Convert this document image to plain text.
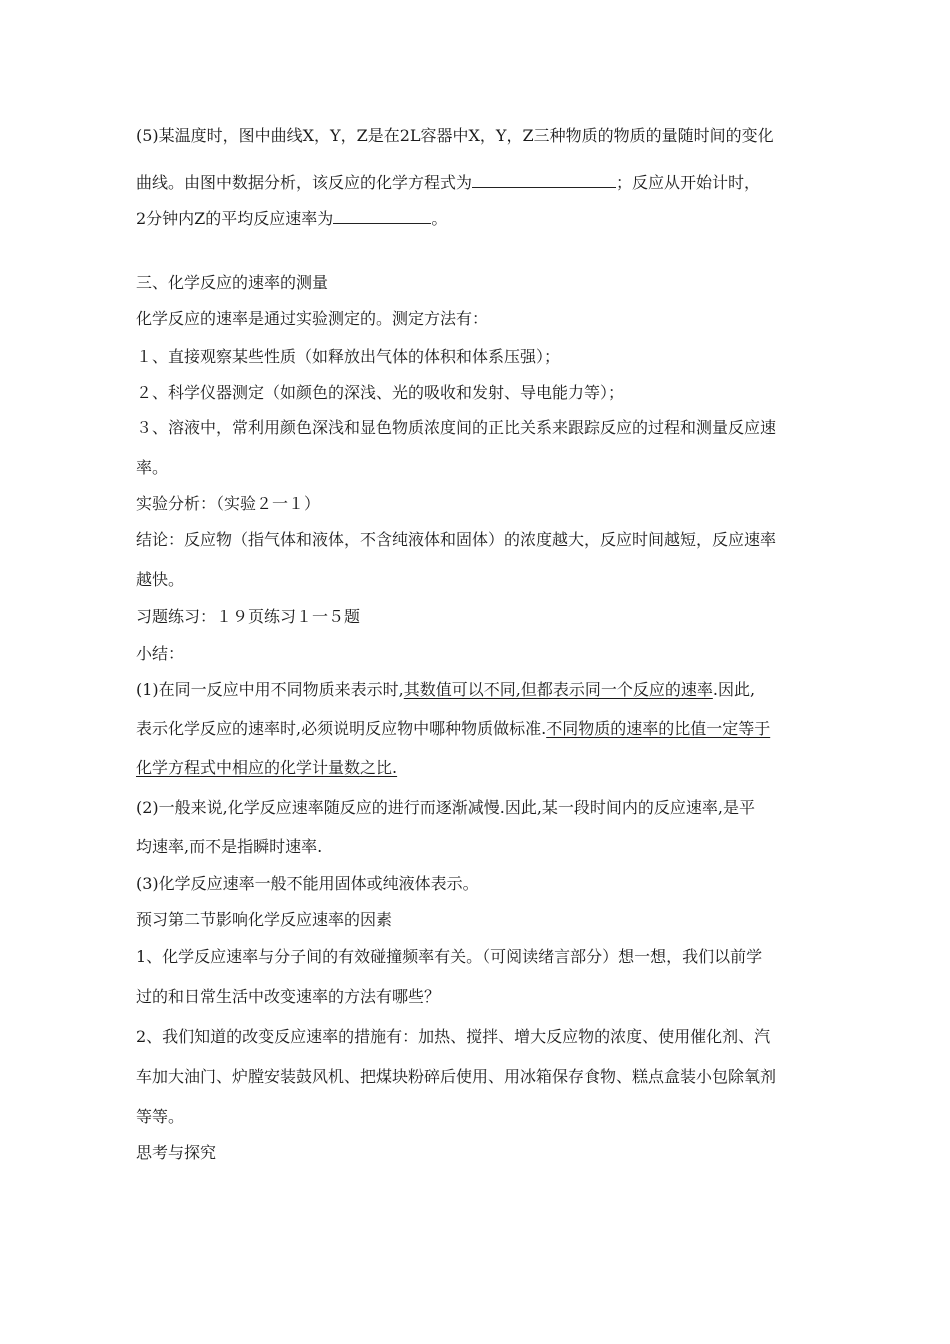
(5)某温度时，图中曲线X，Y，Z是在2L容器中X，Y，Z三种物质的物质的量随时间的变化
曲线。由图中数据分析，该反应的化学方程式为	；反应从开始计时，
2分钟内Z的平均反应速率为	。
三、化学反应的速率的测量
化学反应的速率是通过实验测定的。测定方法有：
１、直接观察某些性质（如释放出气体的体积和体系压强）；
２、科学仪器测定（如颜色的深浅、光的吸收和发射、导电能力等）；
３、溶液中，常利用颜色深浅和显色物质浓度间的正比关系来跟踪反应的过程和测量反应速
率。
实验分析：（实验２一１）
结论：反应物（指气体和液体，不含纯液体和固体）的浓度越大，反应时间越短，反应速率
越快。
习题练习：１９页练习１一５题
小结：
(1)在同一反应中用不同物质来表示时,其数值可以不同,但都表示同一个反应的速率.因此,
表示化学反应的速率时,必须说明反应物中哪种物质做标准.不同物质的速率的比值一定等于
化学方程式中相应的化学计量数之比.
(2)一般来说,化学反应速率随反应的进行而逐渐减慢.因此,某一段时间内的反应速率,是平
均速率,而不是指瞬时速率.
(3)化学反应速率一般不能用固体或纯液体表示。
预习第二节影响化学反应速率的因素
1、化学反应速率与分子间的有效碰撞频率有关。（可阅读绪言部分）想一想，我们以前学
过的和日常生活中改变速率的方法有哪些？
2、我们知道的改变反应速率的措施有：加热、搅拌、增大反应物的浓度、使用催化剂、汽
车加大油门、炉膛安装鼓风机、把煤块粉碎后使用、用冰箱保存食物、糕点盒装小包除氧剂
等等。
思考与探究
